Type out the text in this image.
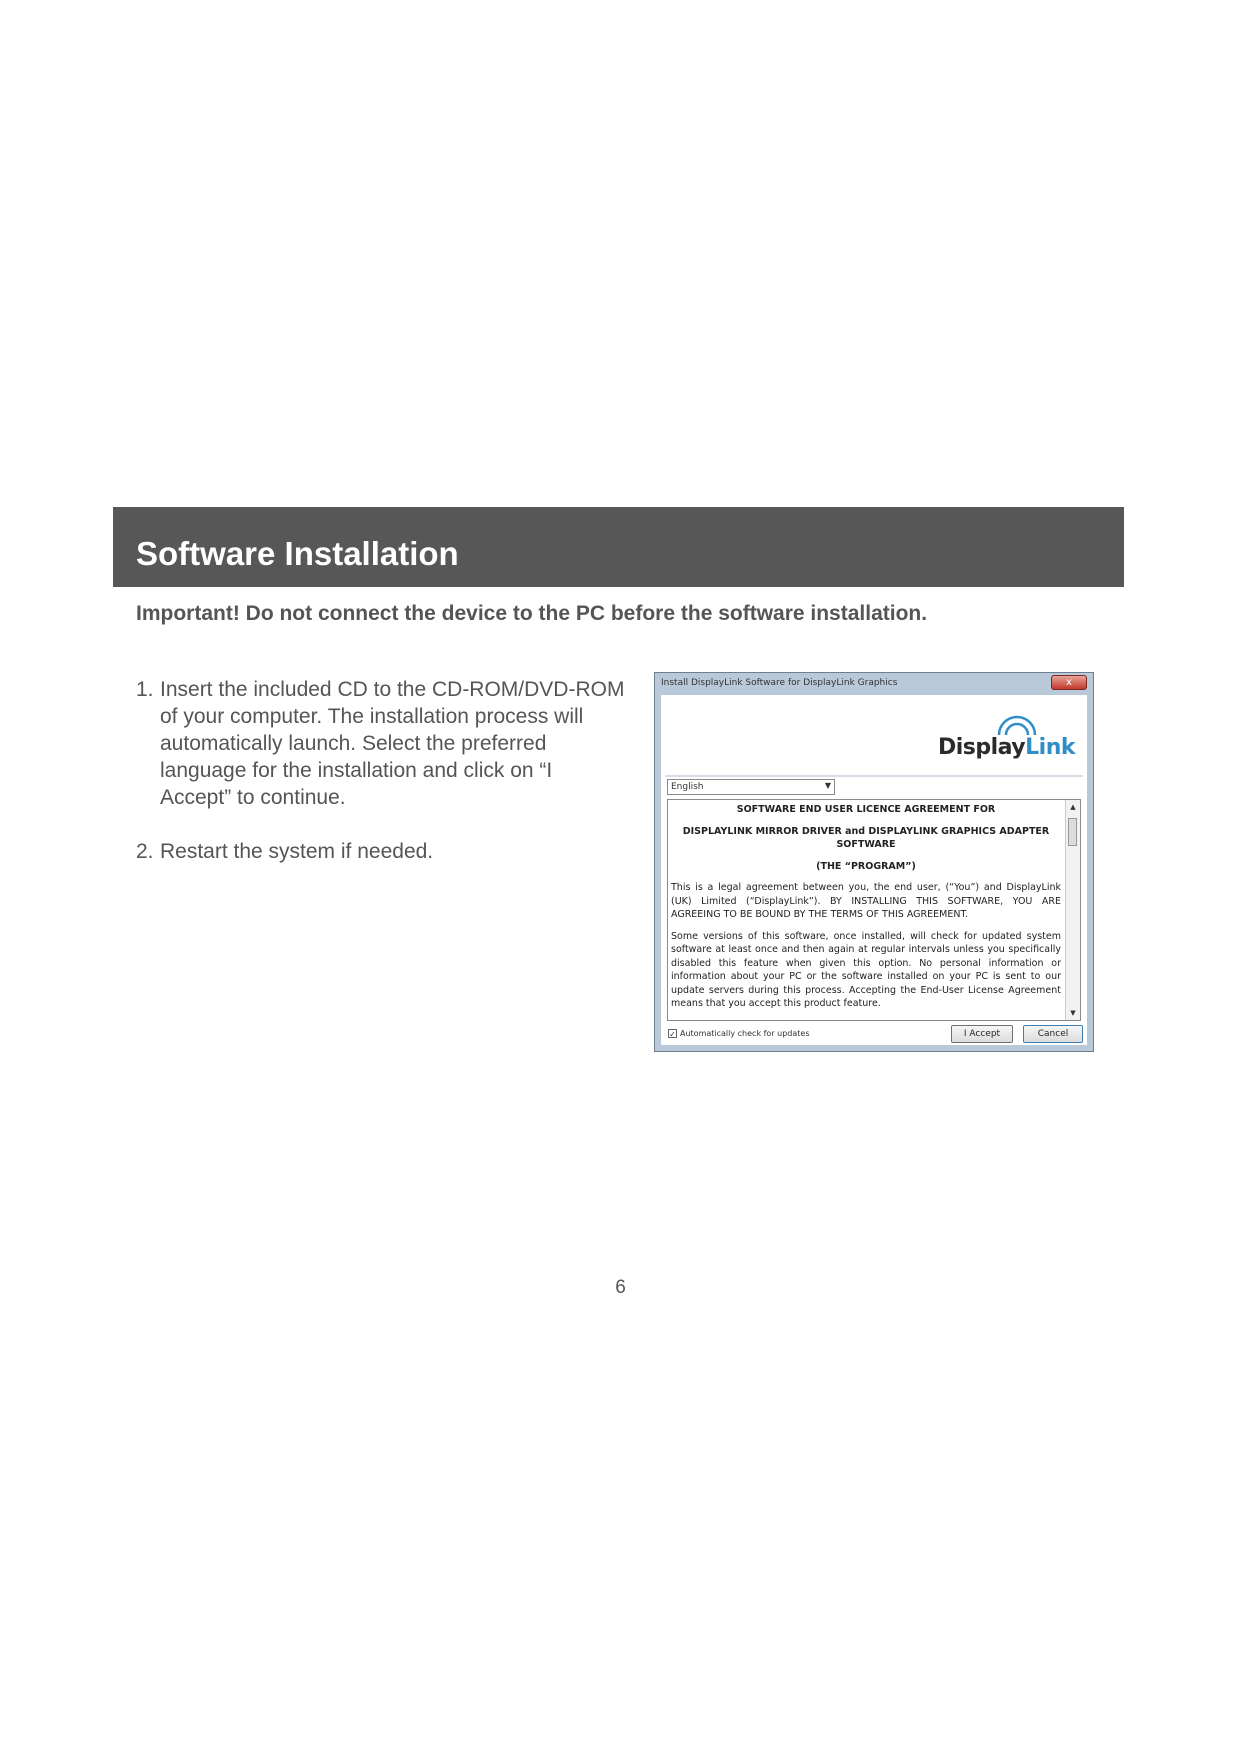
Software Installation

Important! Do not connect the device to the PC before the software installation.

1. Insert the included CD to the CD-ROM/DVD-ROM of your computer. The installation process will automatically launch. Select the preferred language for the installation and click on “I Accept” to continue.
2. Restart the system if needed.
Install DisplayLink Software for DisplayLink Graphics	x
DisplayLink
English	▼

SOFTWARE END USER LICENCE AGREEMENT FOR

DISPLAYLINK MIRROR DRIVER and DISPLAYLINK GRAPHICS ADAPTER SOFTWARE

(THE “PROGRAM”)

This is a legal agreement between you, the end user, (“You”) and DisplayLink (UK) Limited (“DisplayLink”). BY INSTALLING THIS SOFTWARE, YOU ARE AGREEING TO BE BOUND BY THE TERMS OF THIS AGREEMENT.

Some versions of this software, once installed, will check for updated system software at least once and then again at regular intervals unless you specifically disabled this feature when given this option. No personal information or information about your PC or the software installed on your PC is sent to our update servers during this process. Accepting the End-User License Agreement means that you accept this product feature.

▲
▼
✓ Automatically check for updates	I Accept	Cancel
6
